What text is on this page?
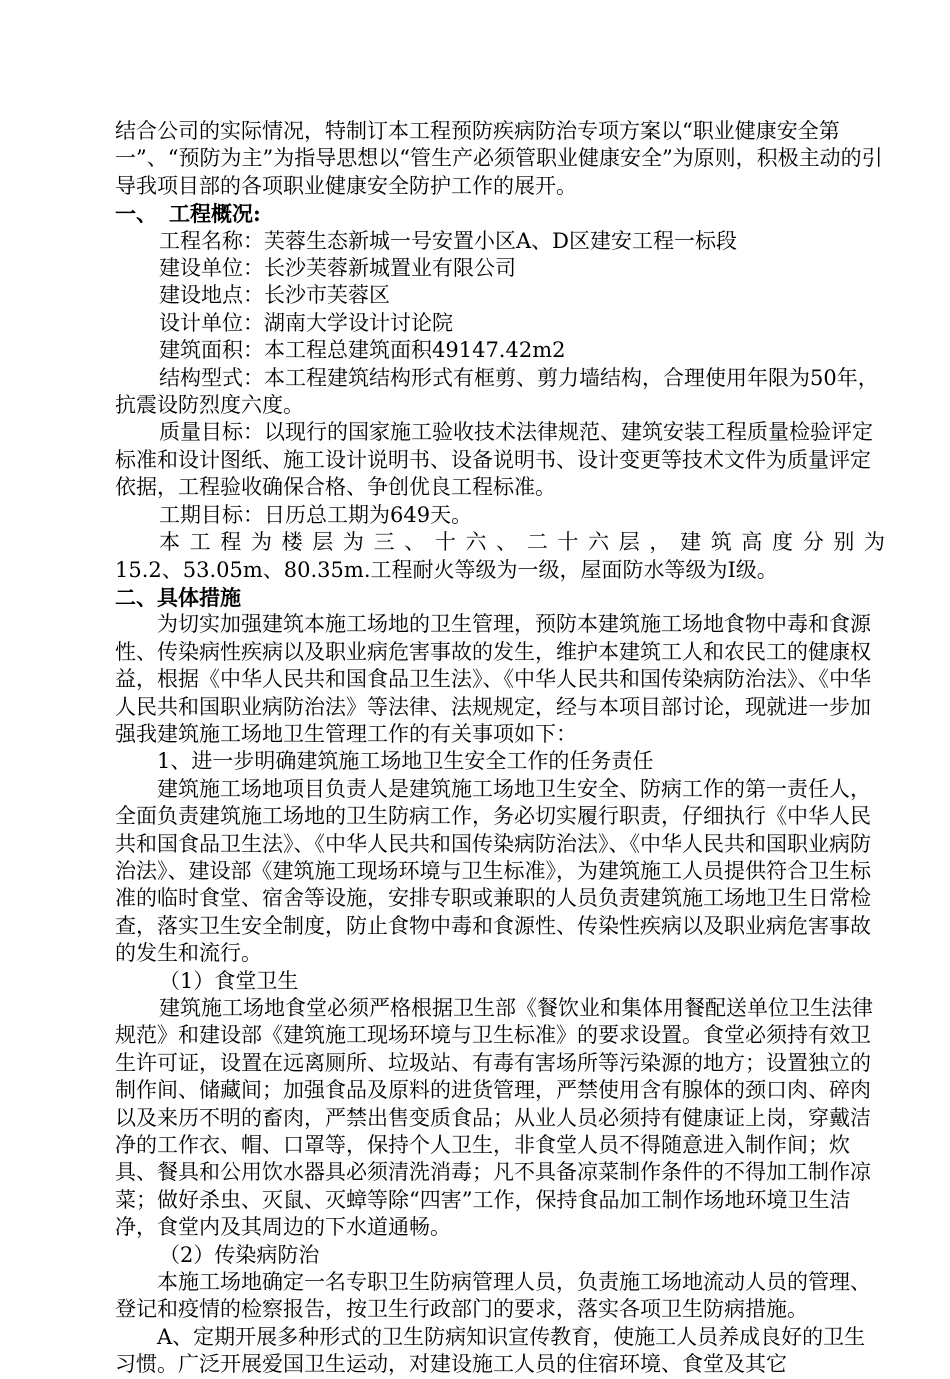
结合公司的实际情况，特制订本工程预防疾病防治专项方案以“职业健康安全第一”、“预防为主”为指导思想以“管生产必须管职业健康安全”为原则，积极主动的引导我项目部的各项职业健康安全防护工作的展开。

一、 工程概况:

工程名称：芙蓉生态新城一号安置小区A、D区建安工程一标段

建设单位：长沙芙蓉新城置业有限公司

建设地点：长沙市芙蓉区

设计单位：湖南大学设计讨论院

建筑面积：本工程总建筑面积49147.42m2

结构型式：本工程建筑结构形式有框剪、剪力墙结构，合理使用年限为50年，抗震设防烈度六度。

质量目标：以现行的国家施工验收技术法律规范、建筑安装工程质量检验评定标准和设计图纸、施工设计说明书、设备说明书、设计变更等技术文件为质量评定依据，工程验收确保合格、争创优良工程标准。

工期目标：日历总工期为649天。

本工程为楼层为三、十六、二十六层，建筑高度分别为

15.2、53.05m、80.35m.工程耐火等级为一级，屋面防水等级为Ⅰ级。

二、具体措施

为切实加强建筑本施工场地的卫生管理，预防本建筑施工场地食物中毒和食源性、传染病性疾病以及职业病危害事故的发生，维护本建筑工人和农民工的健康权益，根据《中华人民共和国食品卫生法》、《中华人民共和国传染病防治法》、《中华人民共和国职业病防治法》等法律、法规规定，经与本项目部讨论，现就进一步加强我建筑施工场地卫生管理工作的有关事项如下：

1、进一步明确建筑施工场地卫生安全工作的任务责任

建筑施工场地项目负责人是建筑施工场地卫生安全、防病工作的第一责任人，全面负责建筑施工场地的卫生防病工作，务必切实履行职责，仔细执行《中华人民共和国食品卫生法》、《中华人民共和国传染病防治法》、《中华人民共和国职业病防治法》、建设部《建筑施工现场环境与卫生标准》，为建筑施工人员提供符合卫生标准的临时食堂、宿舍等设施，安排专职或兼职的人员负责建筑施工场地卫生日常检查，落实卫生安全制度，防止食物中毒和食源性、传染性疾病以及职业病危害事故的发生和流行。

（1）食堂卫生

建筑施工场地食堂必须严格根据卫生部《餐饮业和集体用餐配送单位卫生法律规范》和建设部《建筑施工现场环境与卫生标准》的要求设置。食堂必须持有效卫生许可证，设置在远离厕所、垃圾站、有毒有害场所等污染源的地方；设置独立的制作间、储藏间；加强食品及原料的进货管理，严禁使用含有腺体的颈口肉、碎肉以及来历不明的畜肉，严禁出售变质食品；从业人员必须持有健康证上岗，穿戴洁净的工作衣、帽、口罩等，保持个人卫生，非食堂人员不得随意进入制作间；炊具、餐具和公用饮水器具必须清洗消毒；凡不具备凉菜制作条件的不得加工制作凉菜；做好杀虫、灭鼠、灭蟑等除“四害”工作，保持食品加工制作场地环境卫生洁净，食堂内及其周边的下水道通畅。

（2）传染病防治

本施工场地确定一名专职卫生防病管理人员，负责施工场地流动人员的管理、登记和疫情的检察报告，按卫生行政部门的要求，落实各项卫生防病措施。

A、定期开展多种形式的卫生防病知识宣传教育，使施工人员养成良好的卫生习惯。广泛开展爱国卫生运动，对建设施工人员的住宿环境、食堂及其它
